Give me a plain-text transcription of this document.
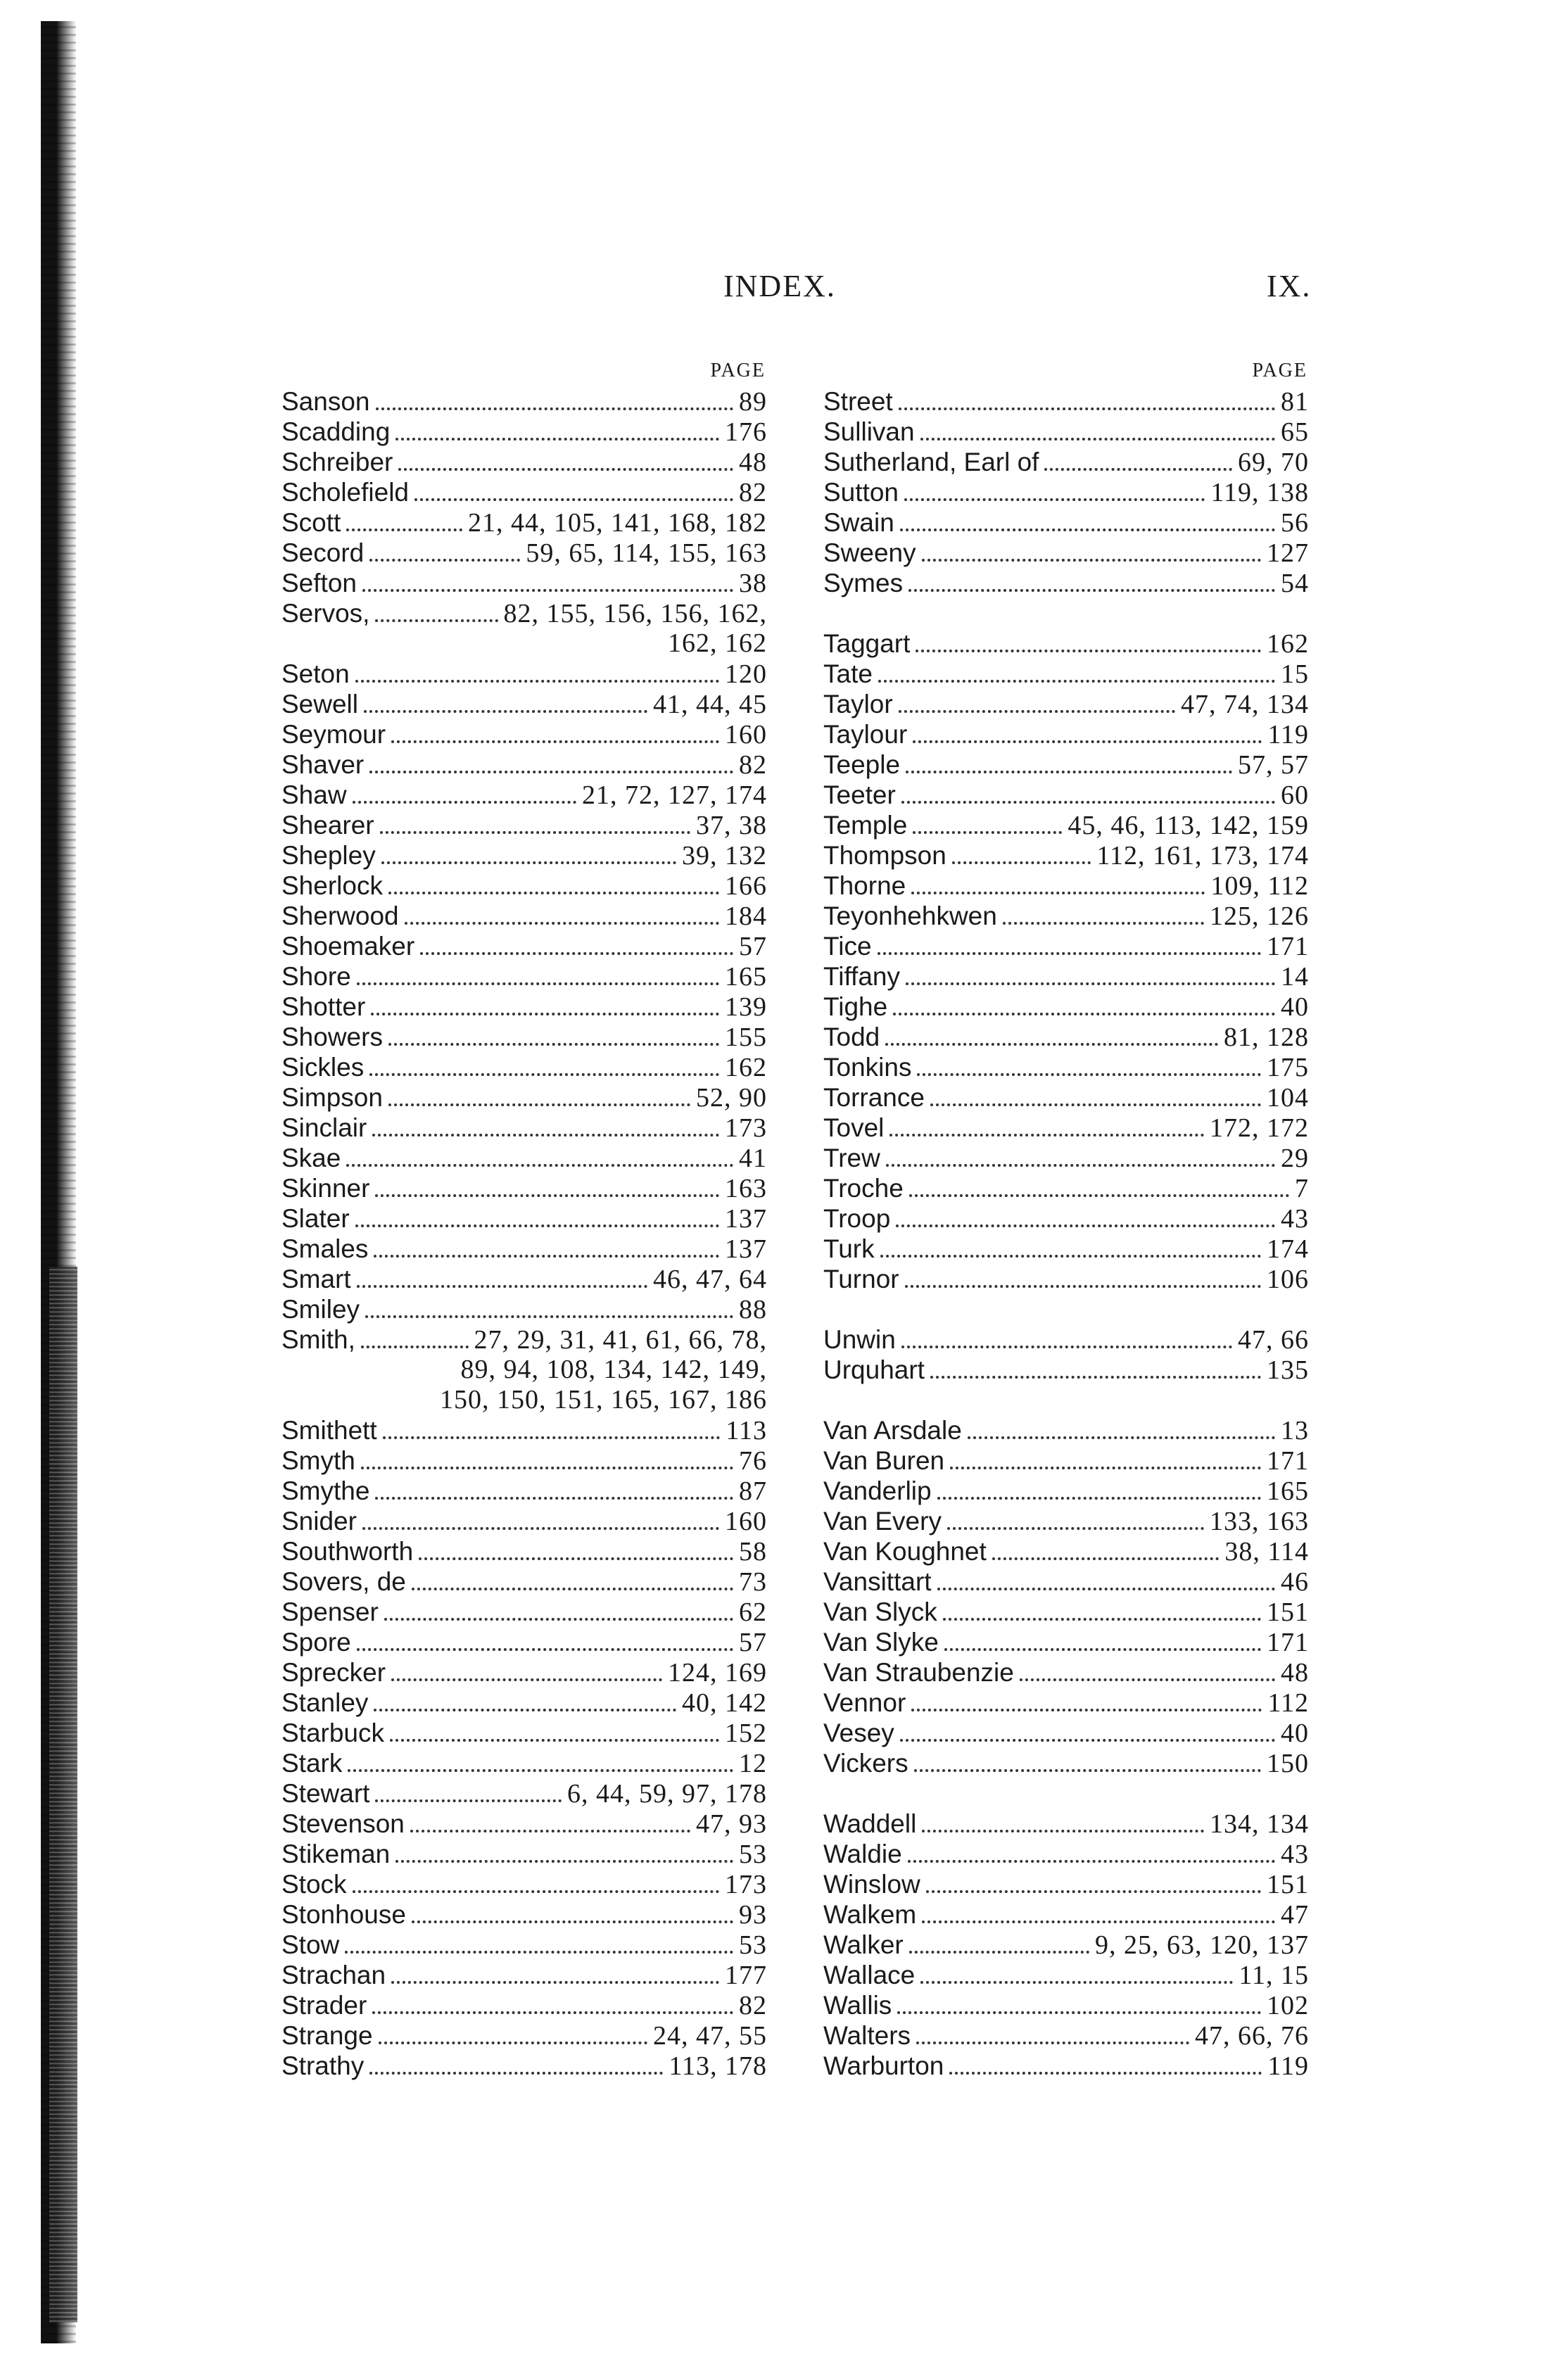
INDEX.	IX.
PAGE
Sanson	89
Scadding	176
Schreiber	48
Scholefield	82
Scott	21, 44, 105, 141, 168, 182
Secord	59, 65, 114, 155, 163
Sefton	38
Servos,	82, 155, 156, 156, 162,
162, 162
Seton	120
Sewell	41, 44, 45
Seymour	160
Shaver	82
Shaw	21, 72, 127, 174
Shearer	37, 38
Shepley	39, 132
Sherlock	166
Sherwood	184
Shoemaker	57
Shore	165
Shotter	139
Showers	155
Sickles	162
Simpson	52, 90
Sinclair	173
Skae	41
Skinner	163
Slater	137
Smales	137
Smart	46, 47, 64
Smiley	88
Smith,	27, 29, 31, 41, 61, 66, 78,
89, 94, 108, 134, 142, 149,
150, 150, 151, 165, 167, 186
Smithett	113
Smyth	76
Smythe	87
Snider	160
Southworth	58
Sovers, de	73
Spenser	62
Spore	57
Sprecker	124, 169
Stanley	40, 142
Starbuck	152
Stark	12
Stewart	6, 44, 59, 97, 178
Stevenson	47, 93
Stikeman	53
Stock	173
Stonhouse	93
Stow	53
Strachan	177
Strader	82
Strange	24, 47, 55
Strathy	113, 178
PAGE
Street	81
Sullivan	65
Sutherland, Earl of	69, 70
Sutton	119, 138
Swain	56
Sweeny	127
Symes	54
Taggart	162
Tate	15
Taylor	47, 74, 134
Taylour	119
Teeple	57, 57
Teeter	60
Temple	45, 46, 113, 142, 159
Thompson	112, 161, 173, 174
Thorne	109, 112
Teyonhehkwen	125, 126
Tice	171
Tiffany	14
Tighe	40
Todd	81, 128
Tonkins	175
Torrance	104
Tovel	172, 172
Trew	29
Troche	7
Troop	43
Turk	174
Turnor	106
Unwin	47, 66
Urquhart	135
Van Arsdale	13
Van Buren	171
Vanderlip	165
Van Every	133, 163
Van Koughnet	38, 114
Vansittart	46
Van Slyck	151
Van Slyke	171
Van Straubenzie	48
Vennor	112
Vesey	40
Vickers	150
Waddell	134, 134
Waldie	43
Winslow	151
Walkem	47
Walker	9, 25, 63, 120, 137
Wallace	11, 15
Wallis	102
Walters	47, 66, 76
Warburton	119
